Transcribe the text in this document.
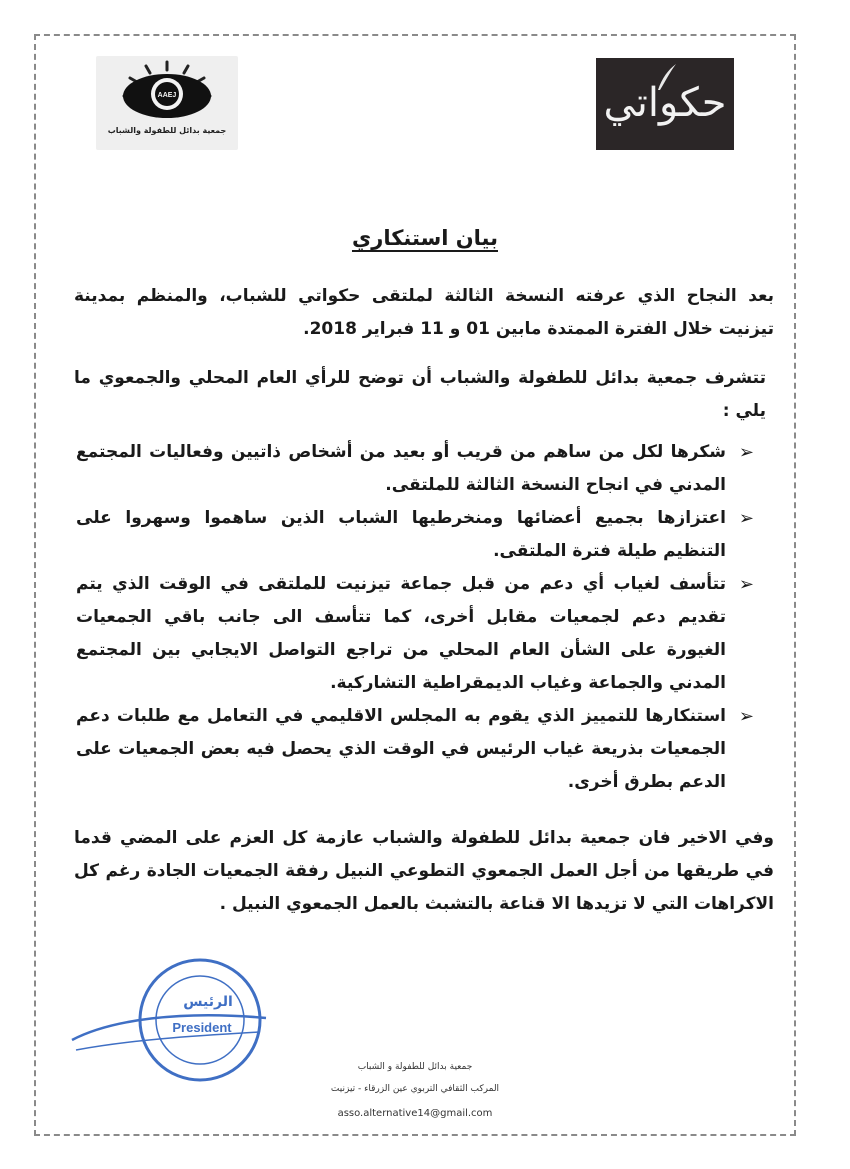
AAEJ
جمعية بدائل للطفولة والشباب
حكواتي
بيان استنكاري
بعد النجاح الذي عرفته النسخة الثالثة لملتقى حكواتي للشباب، والمنظم بمدينة تيزنيت خلال الفترة الممتدة مابين 01 و 11 فبراير 2018.
تتشرف جمعية بدائل للطفولة والشباب أن توضح للرأي العام المحلي والجمعوي ما يلي :
➢
شكرها لكل من ساهم من قريب أو بعيد من أشخاص ذاتيين وفعاليات المجتمع المدني في انجاح النسخة الثالثة للملتقى.
➢
اعتزازها بجميع أعضائها ومنخرطيها الشباب الذين ساهموا وسهروا على التنظيم طيلة فترة الملتقى.
➢
تتأسف لغياب أي دعم من قبل جماعة تيزنيت للملتقى في الوقت الذي يتم تقديم دعم لجمعيات مقابل أخرى، كما تتأسف الى جانب باقي الجمعيات الغيورة على الشأن العام المحلي من تراجع التواصل الايجابي بين المجتمع المدني والجماعة وغياب الديمقراطية التشاركية.
➢
استنكارها للتمييز الذي يقوم به المجلس الاقليمي في التعامل مع طلبات دعم الجمعيات بذريعة غياب الرئيس في الوقت الذي يحصل فيه بعض الجمعيات على الدعم بطرق أخرى.
وفي الاخير فان جمعية بدائل للطفولة والشباب عازمة كل العزم على المضي قدما في طريقها من أجل العمل الجمعوي التطوعي النبيل رفقة الجمعيات الجادة رغم كل الاكراهات التي لا تزيدها الا قناعة بالتشبث بالعمل الجمعوي النبيل .
الرئيس
President
جمعية بدائل للطفولة و الشباب
المركب الثقافي التربوي عين الزرقاء - تيزنيت
asso.alternative14@gmail.com
